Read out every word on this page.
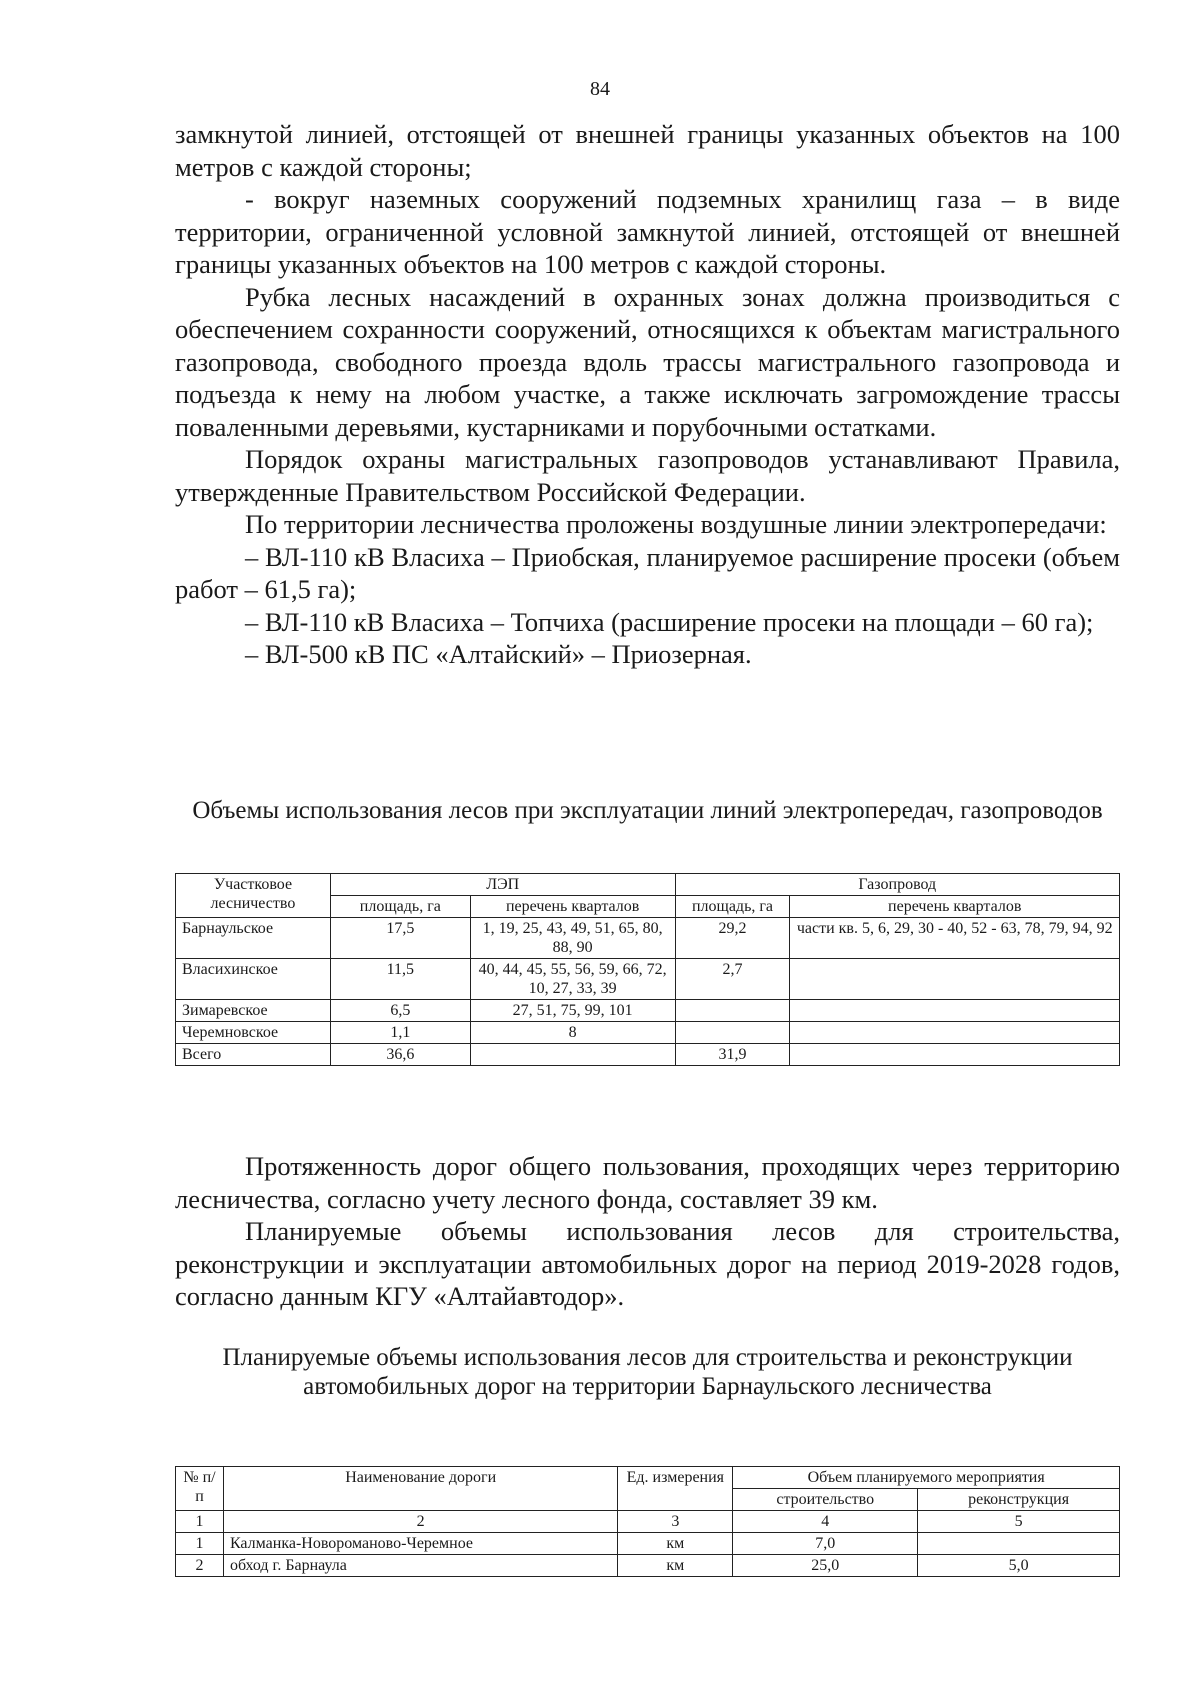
84

замкнутой линией, отстоящей от внешней границы указанных объектов на 100 метров с каждой стороны;

- вокруг наземных сооружений подземных хранилищ газа – в виде территории, ограниченной условной замкнутой линией, отстоящей от внешней границы указанных объектов на 100 метров с каждой стороны.

Рубка лесных насаждений в охранных зонах должна производиться с обеспечением сохранности сооружений, относящихся к объектам магистрального газопровода, свободного проезда вдоль трассы магистрального газопровода и подъезда к нему на любом участке, а также исключать загромождение трассы поваленными деревьями, кустарниками и порубочными остатками.

Порядок охраны магистральных газопроводов устанавливают Правила, утвержденные Правительством Российской Федерации.

По территории лесничества проложены воздушные линии электропередачи:

– ВЛ-110 кВ Власиха – Приобская, планируемое расширение просеки (объем работ – 61,5 га);

– ВЛ-110 кВ Власиха – Топчиха (расширение просеки на площади – 60 га);

– ВЛ-500 кВ ПС «Алтайский» – Приозерная.

Объемы использования лесов при эксплуатации линий электропередач, газопроводов
Участковое лесничество	ЛЭП		Газопровод	
	площадь, га	перечень кварталов	площадь, га	перечень кварталов
Барнаульское	17,5	1, 19, 25, 43, 49, 51, 65, 80, 88, 90	29,2	части кв. 5, 6, 29, 30 - 40, 52 - 63, 78, 79, 94, 92
Власихинское	11,5	40, 44, 45, 55, 56, 59, 66, 72, 10, 27, 33, 39	2,7	
Зимаревское	6,5	27, 51, 75, 99, 101		
Черемновское	1,1	8		
Всего	36,6		31,9	

Протяженность дорог общего пользования, проходящих через территорию лесничества, согласно учету лесного фонда, составляет 39 км.

Планируемые объемы использования лесов для строительства, реконструкции и эксплуатации автомобильных дорог на период 2019-2028 годов, согласно данным КГУ «Алтайавтодор».

Планируемые объемы использования лесов для строительства и реконструкции автомобильных дорог на территории Барнаульского лесничества
№ п/п	Наименование дороги	Ед. измерения	Объем планируемого мероприятия	
			строительство	реконструкция
1	2	3	4	5
1	Калманка-Новороманово-Черемное	км	7,0	
2	обход г. Барнаула	км	25,0	5,0
